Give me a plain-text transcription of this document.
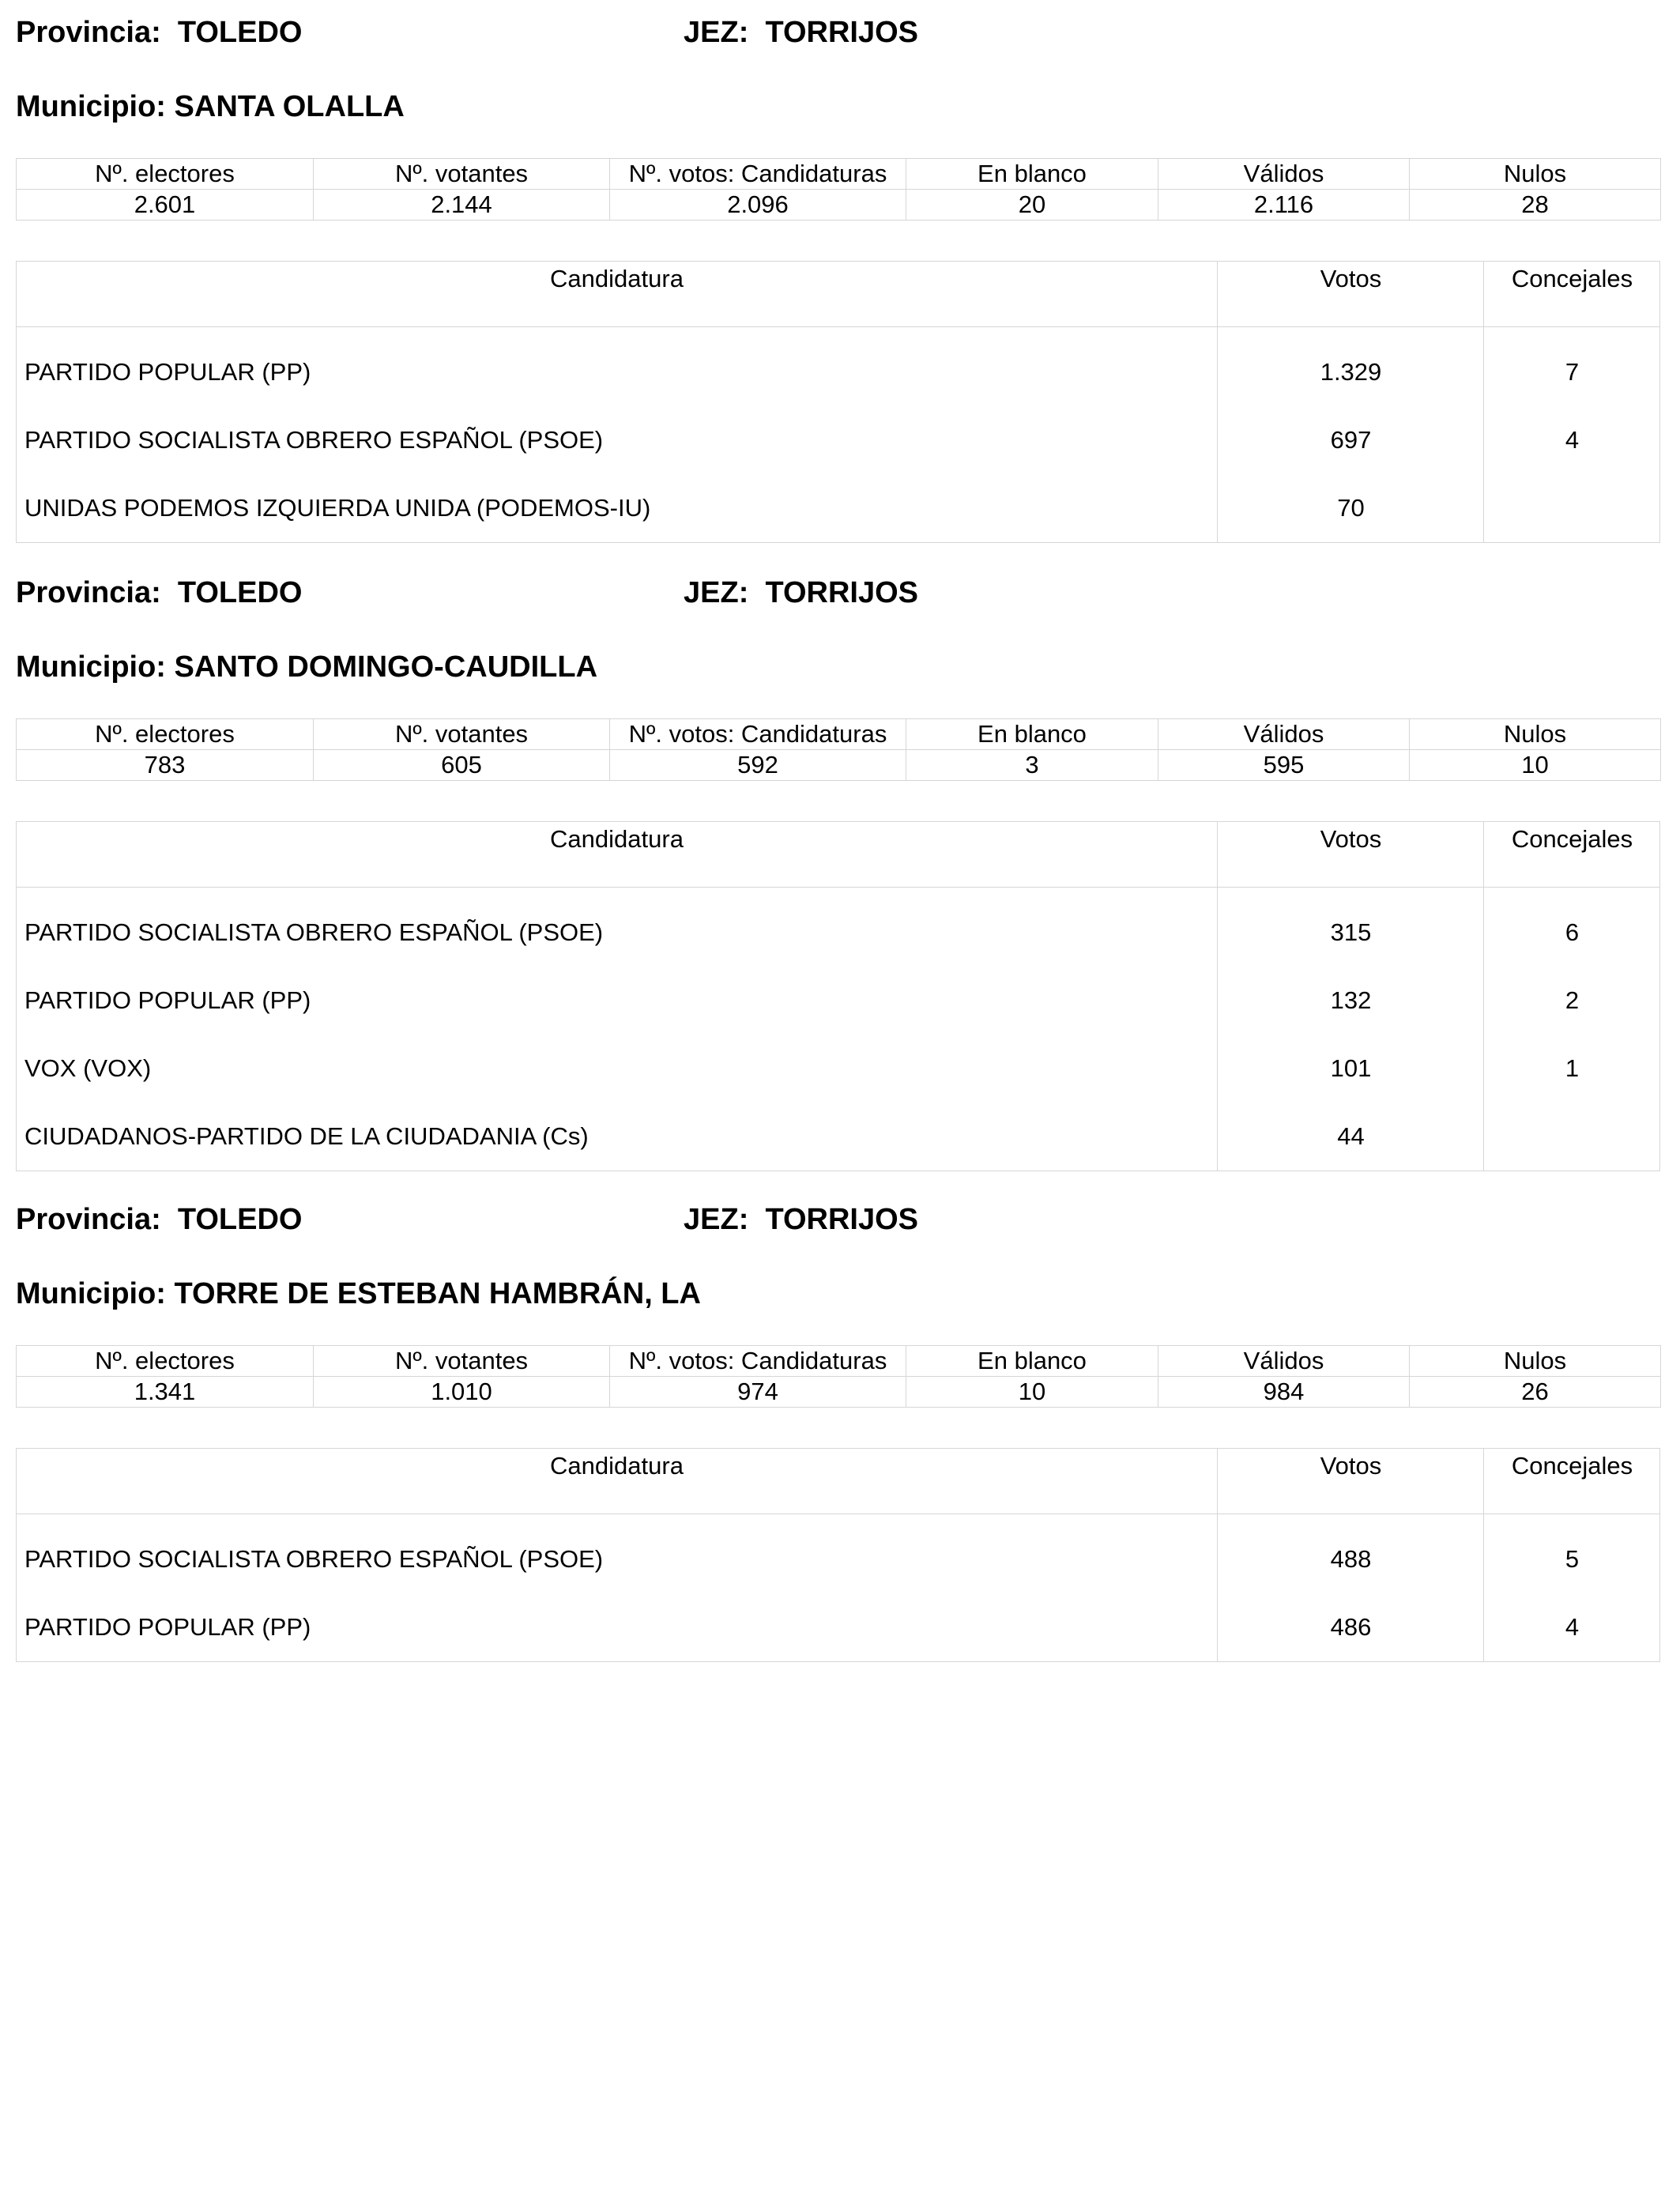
Provincia:  TOLEDO	JEZ:  TORRIJOS
Municipio: SANTA OLALLA
Nº. electores	Nº. votantes	Nº. votos: Candidaturas	En blanco	Válidos	Nulos
2.601	2.144	2.096	20	2.116	28
Candidatura	Votos	Concejales
PARTIDO POPULAR (PP)	1.329	7
PARTIDO SOCIALISTA OBRERO ESPAÑOL (PSOE)	697	4
UNIDAS PODEMOS IZQUIERDA UNIDA (PODEMOS-IU)	70
Provincia:  TOLEDO	JEZ:  TORRIJOS
Municipio: SANTO DOMINGO-CAUDILLA
Nº. electores	Nº. votantes	Nº. votos: Candidaturas	En blanco	Válidos	Nulos
783	605	592	3	595	10
Candidatura	Votos	Concejales
PARTIDO SOCIALISTA OBRERO ESPAÑOL (PSOE)	315	6
PARTIDO POPULAR (PP)	132	2
VOX (VOX)	101	1
CIUDADANOS-PARTIDO DE LA CIUDADANIA (Cs)	44
Provincia:  TOLEDO	JEZ:  TORRIJOS
Municipio: TORRE DE ESTEBAN HAMBRÁN, LA
Nº. electores	Nº. votantes	Nº. votos: Candidaturas	En blanco	Válidos	Nulos
1.341	1.010	974	10	984	26
Candidatura	Votos	Concejales
PARTIDO SOCIALISTA OBRERO ESPAÑOL (PSOE)	488	5
PARTIDO POPULAR (PP)	486	4
